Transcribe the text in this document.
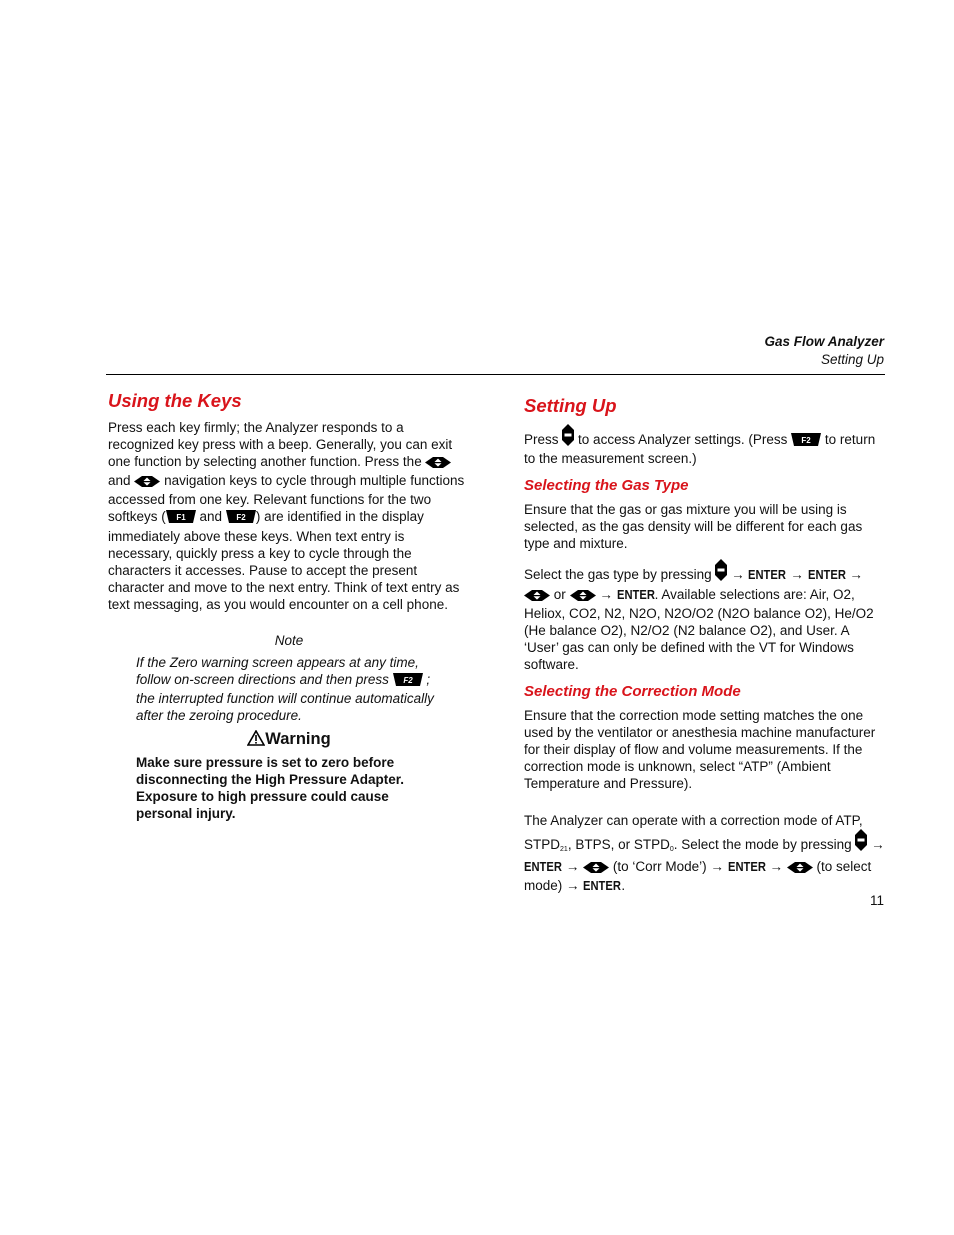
Gas Flow Analyzer
Setting Up
Using the Keys

Press each key firmly; the Analyzer responds to a recognized key press with a beep. Generally, you can exit one function by selecting another function. Press the  and navigation keys to cycle through multiple functions accessed from one key. Relevant functions for the two softkeys ( F1 and F2 ) are identified in the display immediately above these keys. When text entry is necessary, quickly press a key to cycle through the characters it accesses. Pause to accept the present character and move to the next entry. Think of text entry as text messaging, as you would encounter on a cell phone.

Note

If the Zero warning screen appears at any time, follow on-screen directions and then press F2 ; the interrupted function will continue automatically after the zeroing procedure.

Warning

Make sure pressure is set to zero before disconnecting the High Pressure Adapter. Exposure to high pressure could cause personal injury.

Setting Up

Press to access Analyzer settings. (Press F2 to return to the measurement screen.)

Selecting the Gas Type

Ensure that the gas or gas mixture you will be using is selected, as the gas density will be different for each gas type and mixture.

Select the gas type by pressing → ENTER → ENTER →  or → ENTER. Available selections are: Air, O2, Heliox, CO2, N2, N2O, N2O/O2 (N2O balance O2), He/O2 (He balance O2), N2/O2 (N2 balance O2), and User. A ‘User’ gas can only be defined with the VT for Windows software.

Selecting the Correction Mode

Ensure that the correction mode setting matches the one used by the ventilator or anesthesia machine manufacturer for their display of flow and volume measurements. If the correction mode is unknown, select “ATP” (Ambient Temperature and Pressure).

The Analyzer can operate with a correction mode of ATP, $STPD_{21}$, BTPS, or $STPD_0$. Select the mode by pressing → ENTER → (to ‘Corr Mode’) → ENTER → (to select mode) → ENTER.

11
